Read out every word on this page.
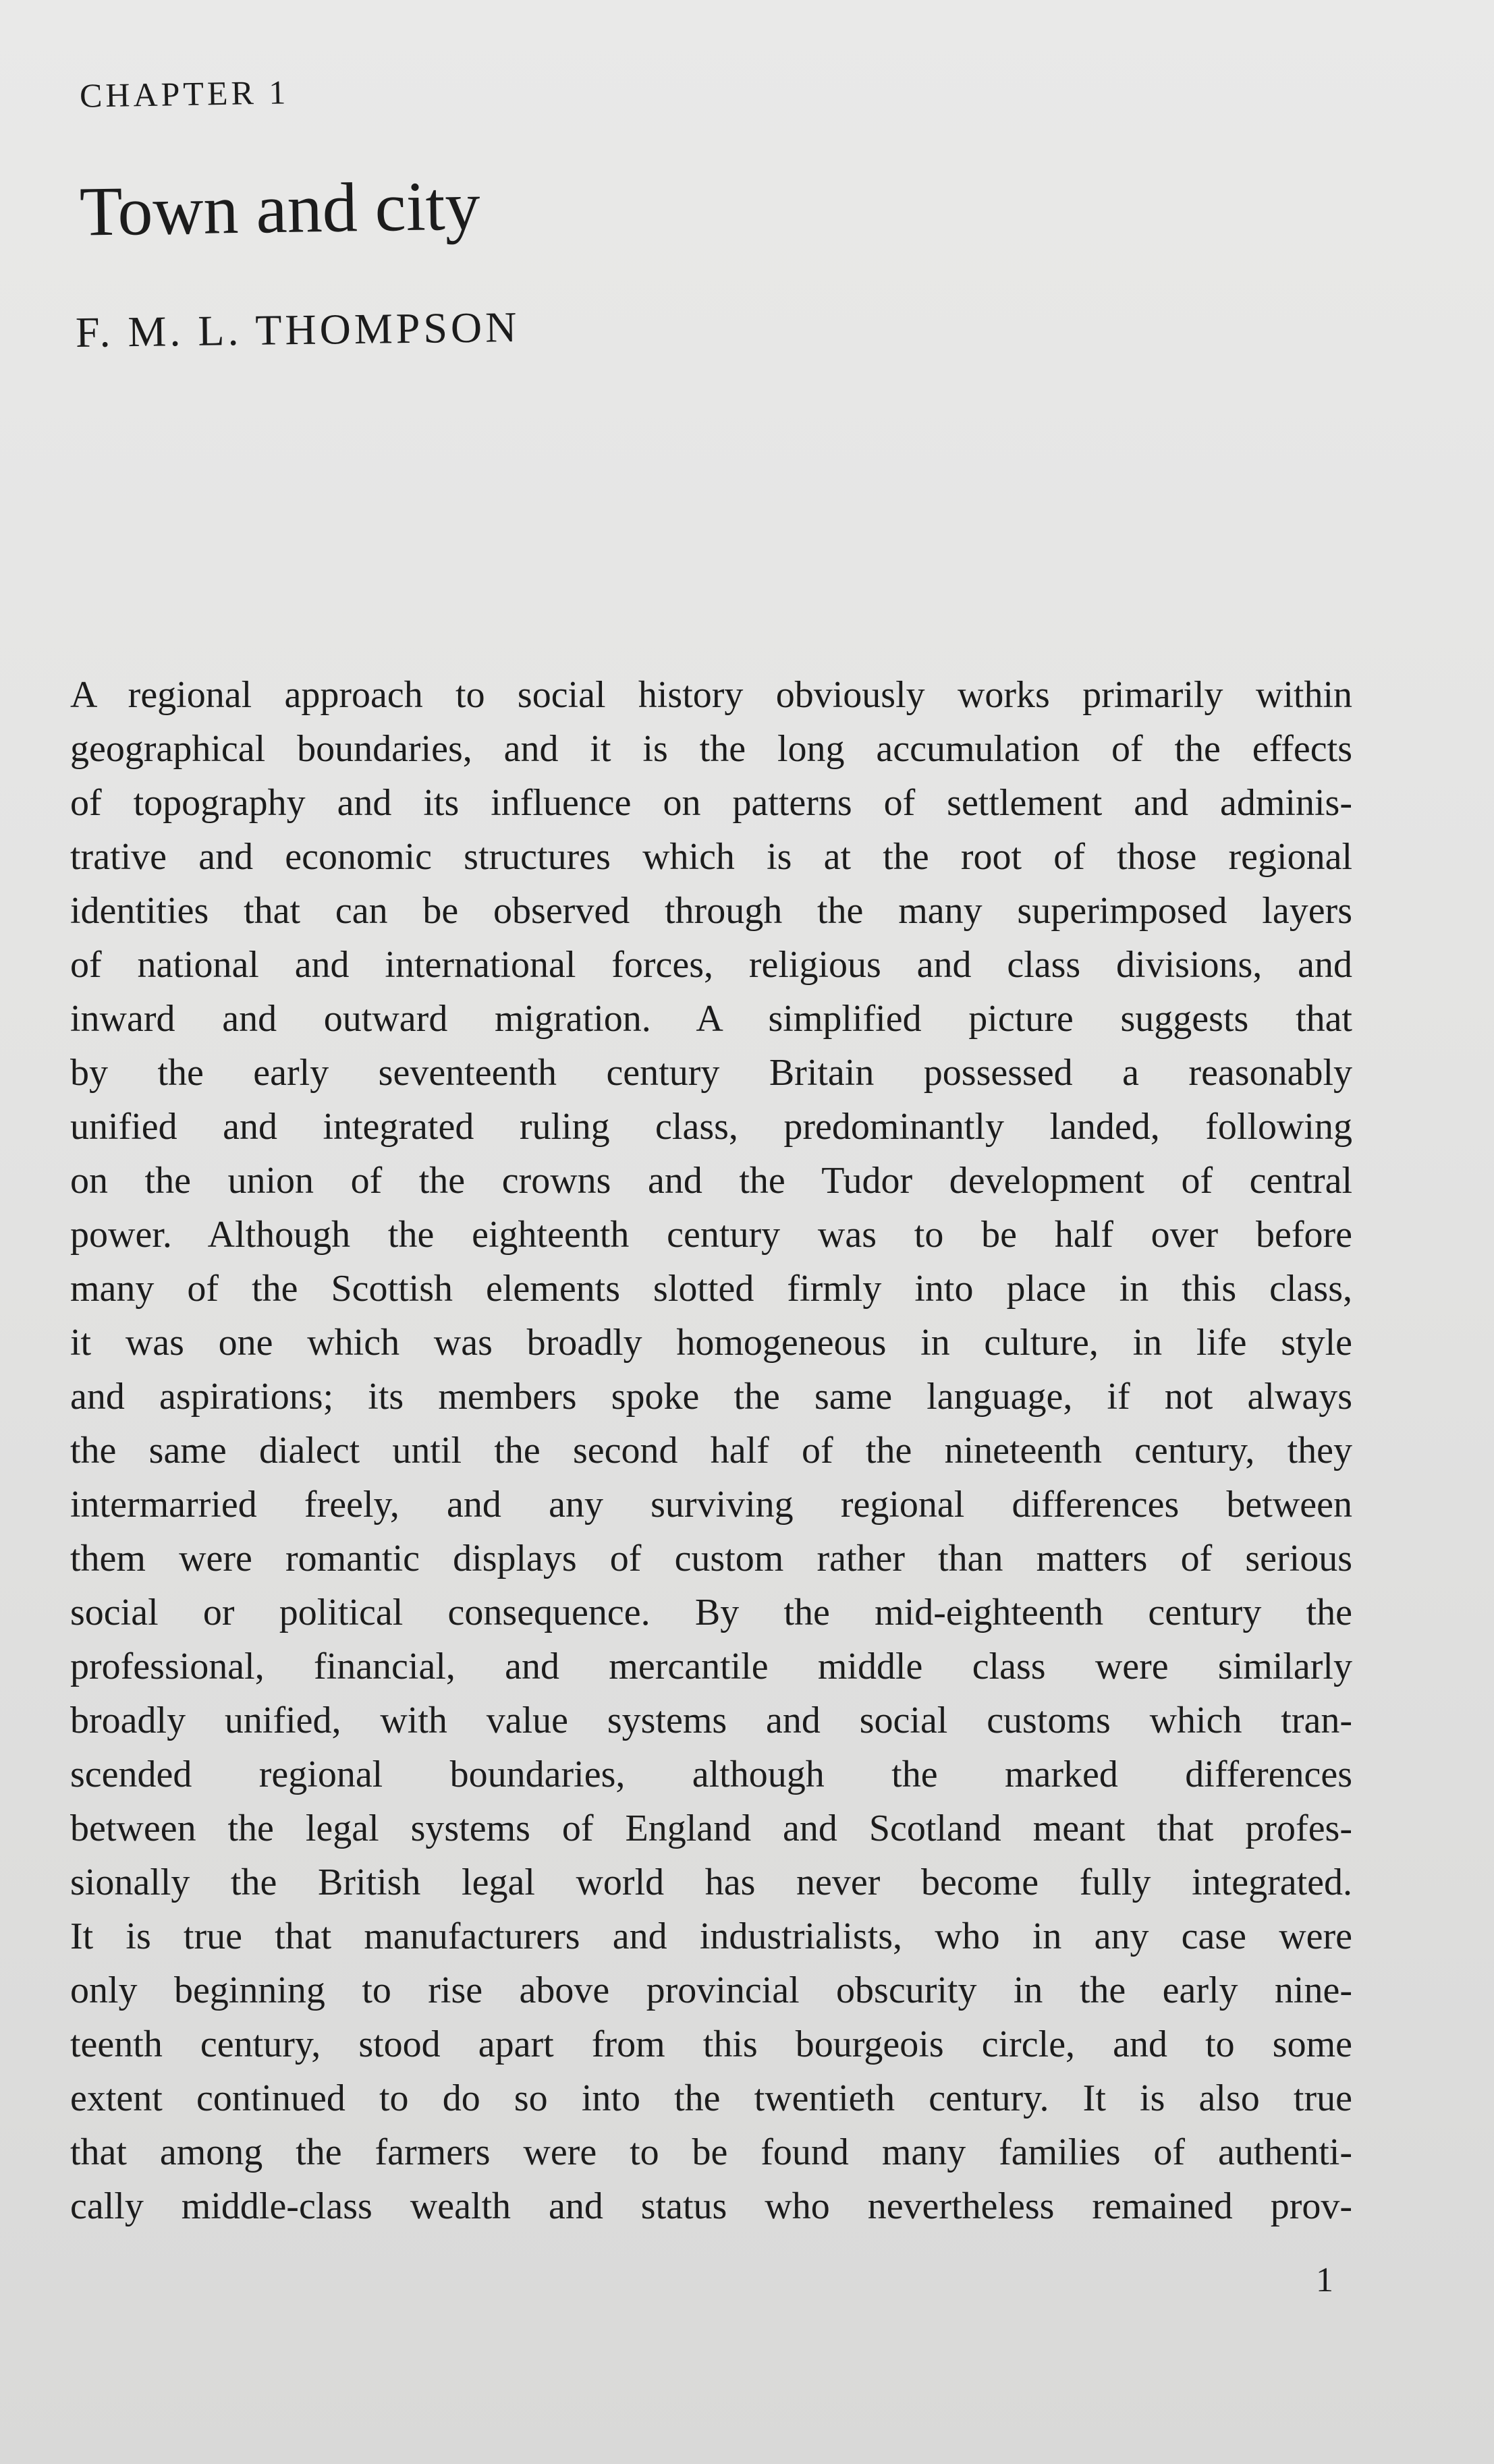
CHAPTER 1
Town and city
F. M. L. THOMPSON
A regional approach to social history obviously works primarily within
geographical boundaries, and it is the long accumulation of the effects
of topography and its influence on patterns of settlement and adminis-
trative and economic structures which is at the root of those regional
identities that can be observed through the many superimposed layers
of national and international forces, religious and class divisions, and
inward and outward migration. A simplified picture suggests that
by the early seventeenth century Britain possessed a reasonably
unified and integrated ruling class, predominantly landed, following
on the union of the crowns and the Tudor development of central
power. Although the eighteenth century was to be half over before
many of the Scottish elements slotted firmly into place in this class,
it was one which was broadly homogeneous in culture, in life style
and aspirations; its members spoke the same language, if not always
the same dialect until the second half of the nineteenth century, they
intermarried freely, and any surviving regional differences between
them were romantic displays of custom rather than matters of serious
social or political consequence. By the mid-eighteenth century the
professional, financial, and mercantile middle class were similarly
broadly unified, with value systems and social customs which tran-
scended regional boundaries, although the marked differences
between the legal systems of England and Scotland meant that profes-
sionally the British legal world has never become fully integrated.
It is true that manufacturers and industrialists, who in any case were
only beginning to rise above provincial obscurity in the early nine-
teenth century, stood apart from this bourgeois circle, and to some
extent continued to do so into the twentieth century. It is also true
that among the farmers were to be found many families of authenti-
cally middle-class wealth and status who nevertheless remained prov-
1
